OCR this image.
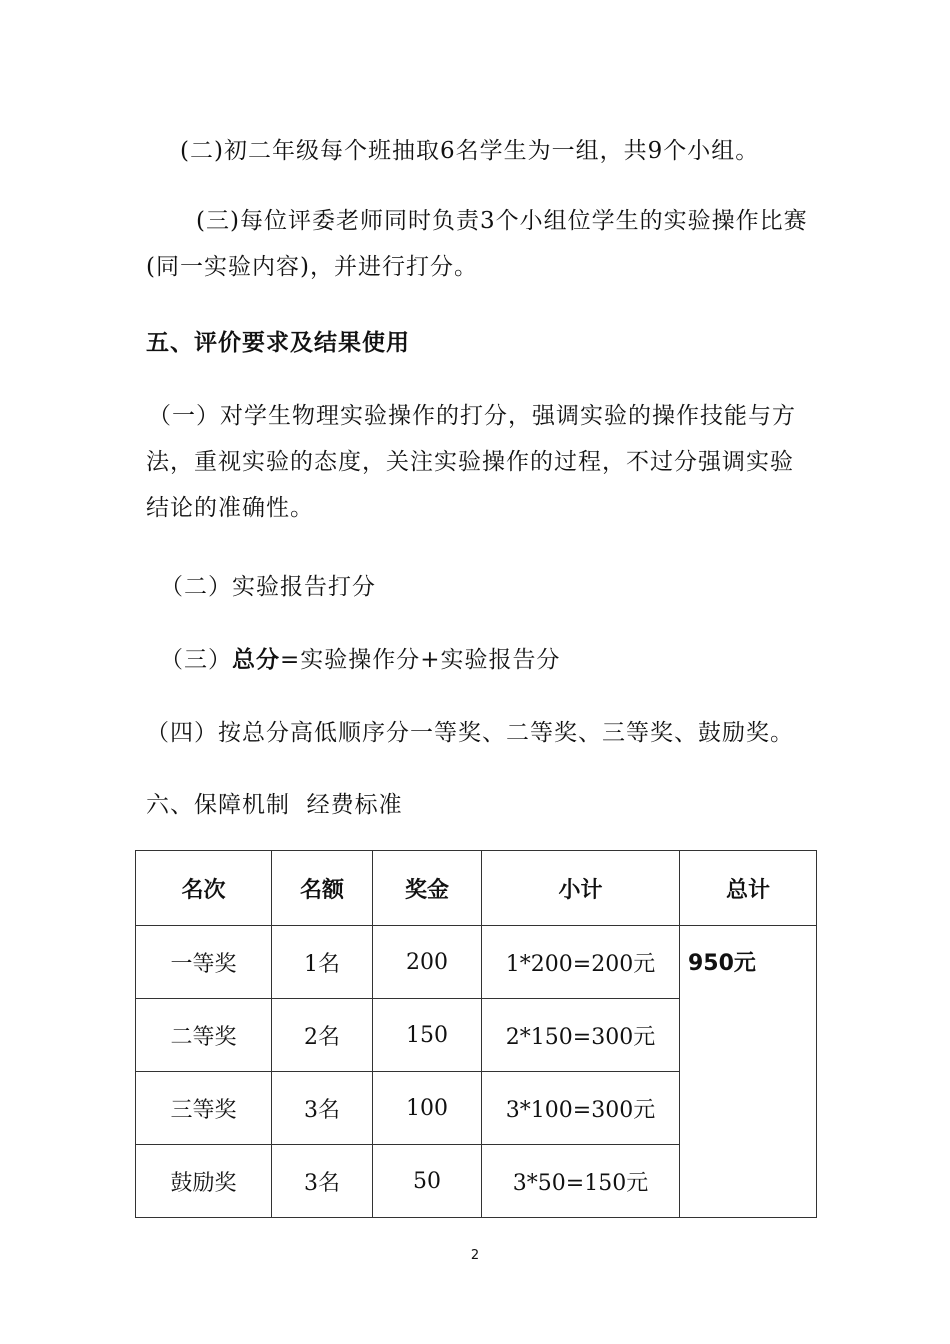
(二)初二年级每个班抽取6名学生为一组，共9个小组。
(三)每位评委老师同时负责3个小组位学生的实验操作比赛(同一实验内容)，并进行打分。
五、评价要求及结果使用
（一）对学生物理实验操作的打分，强调实验的操作技能与方法，重视实验的态度，关注实验操作的过程，不过分强调实验结论的准确性。
（二）实验报告打分
（三）总分=实验操作分+实验报告分
（四）按总分高低顺序分一等奖、二等奖、三等奖、鼓励奖。
六、保障机制  经费标准
名次	名额	奖金	小计	总计
一等奖	1名	200	1*200=200元	950元
二等奖	2名	150	2*150=300元	
三等奖	3名	100	3*100=300元	
鼓励奖	3名	50	3*50=150元	
2
